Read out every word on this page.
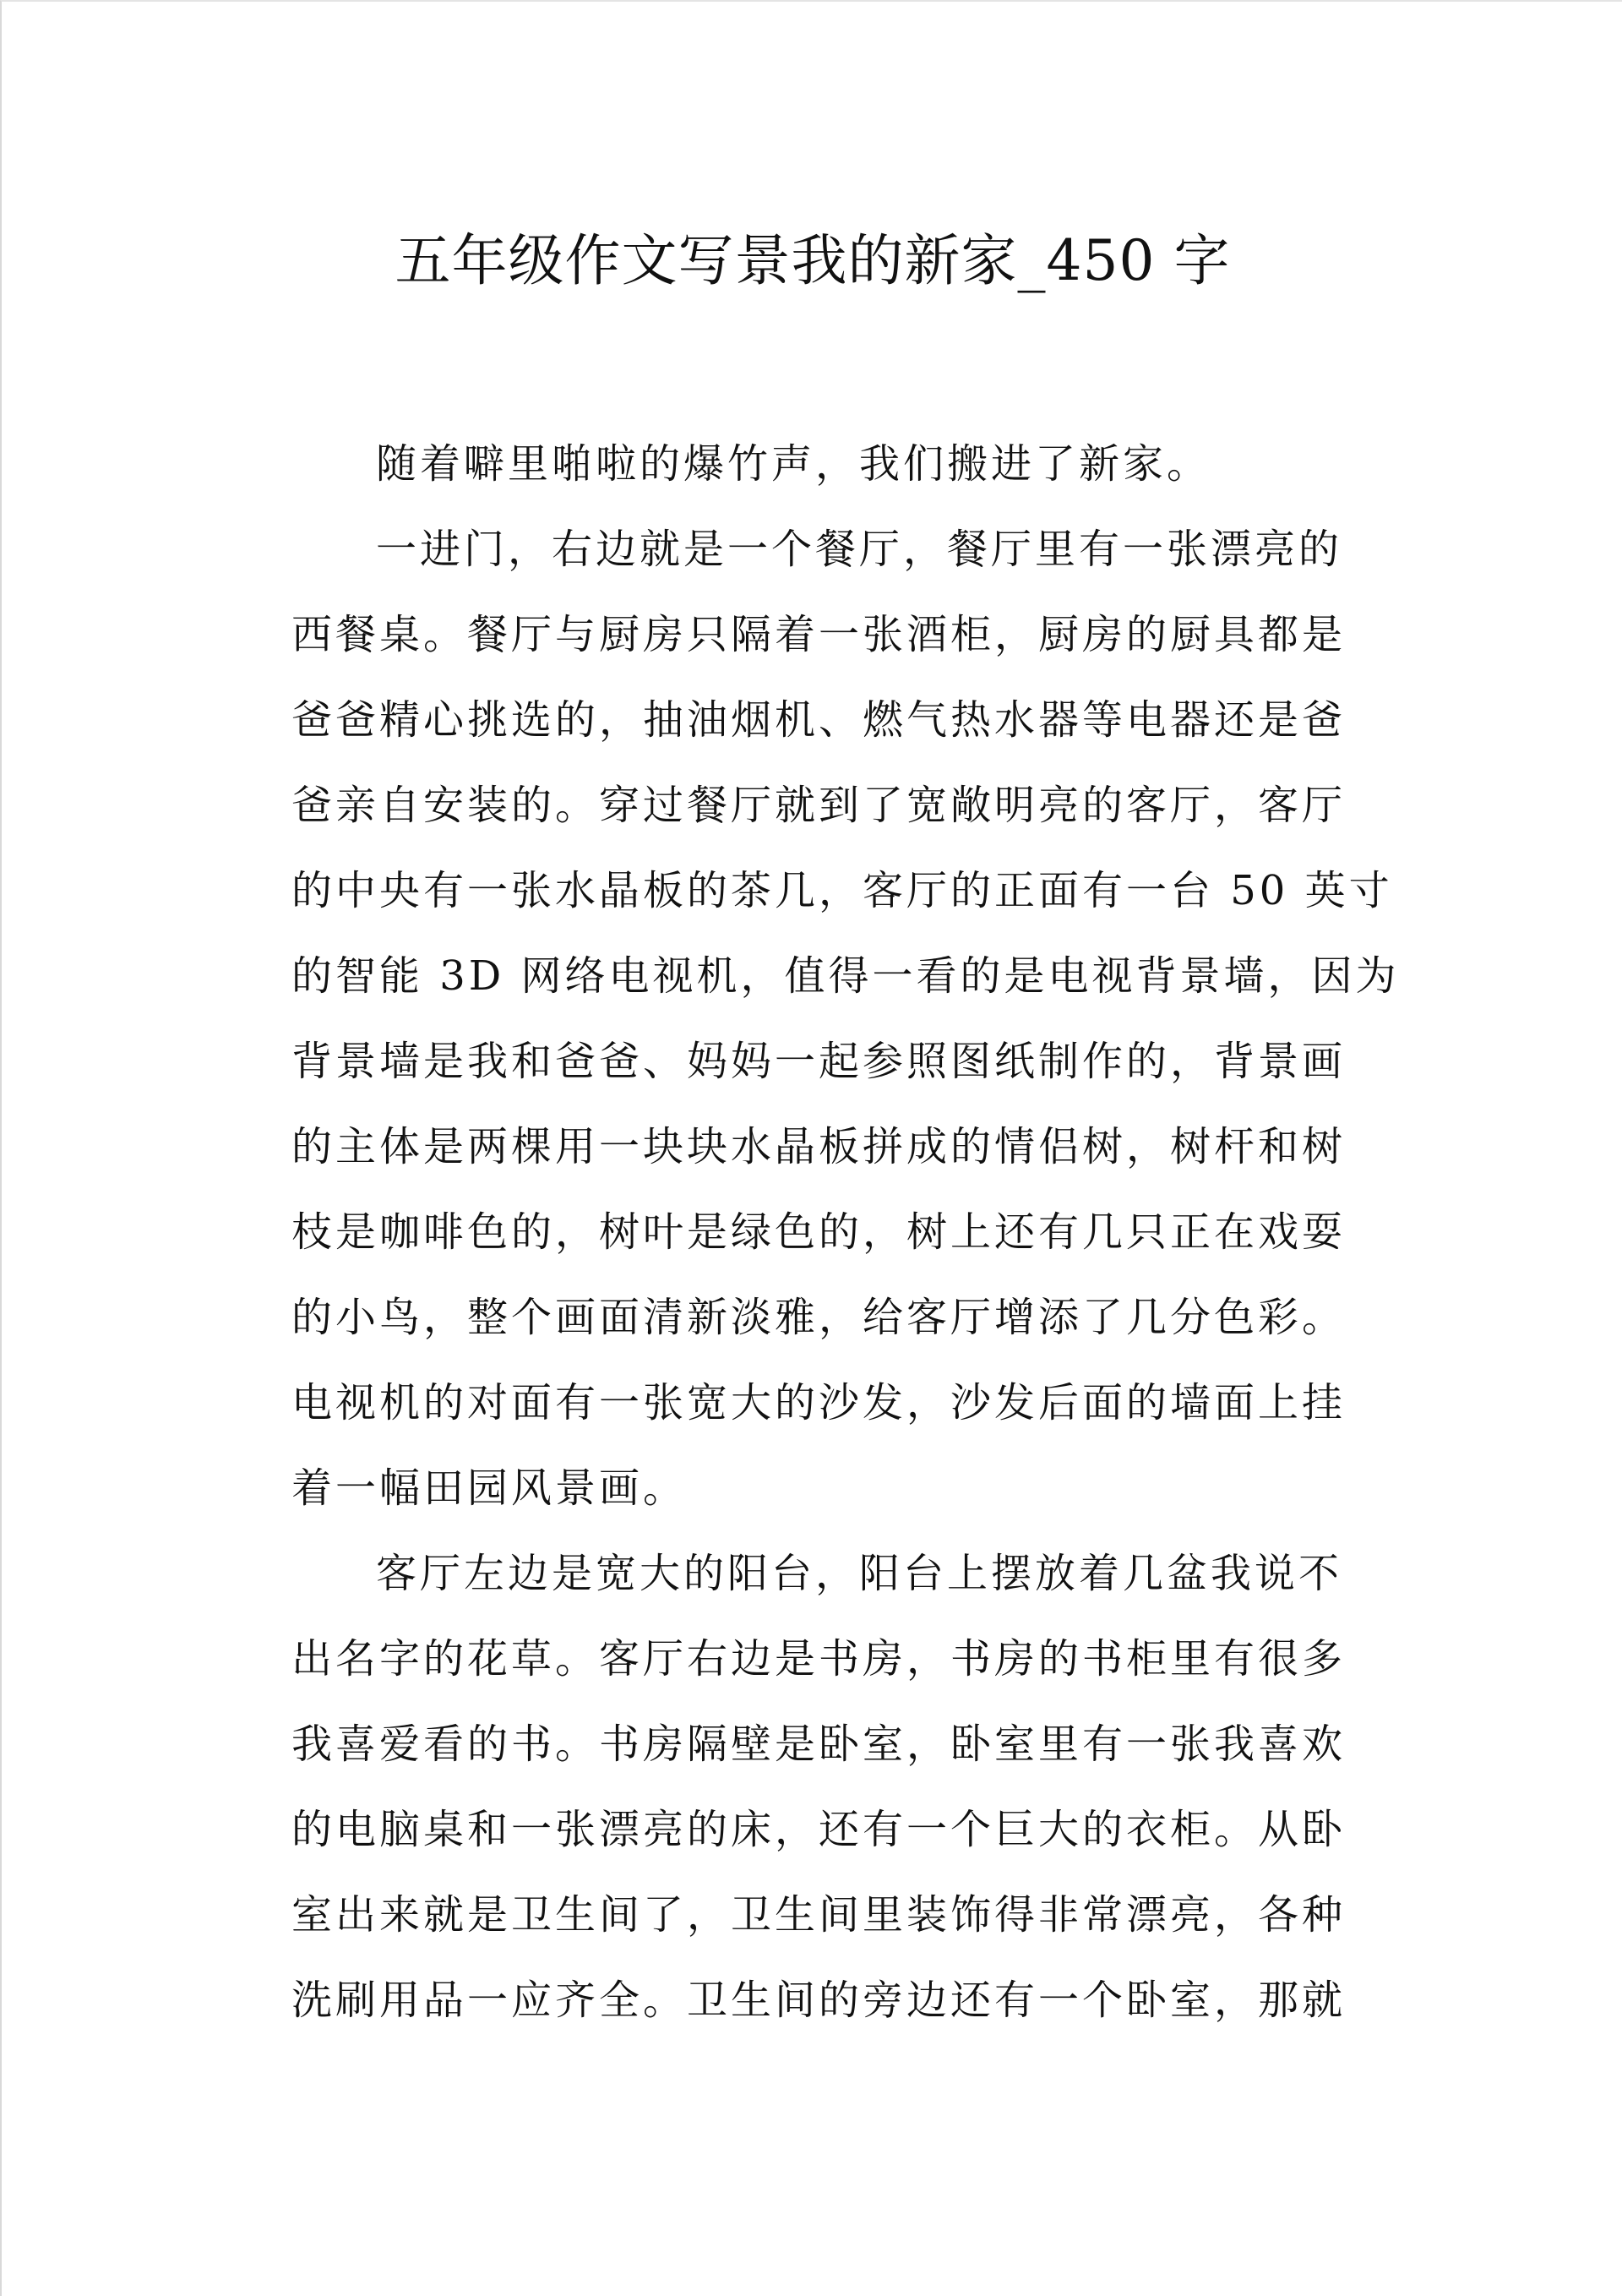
五年级作文写景我的新家_450 字
随着噼里啪啦的爆竹声，我们搬进了新家。
一进门，右边就是一个餐厅，餐厅里有一张漂亮的
西餐桌。餐厅与厨房只隔着一张酒柜，厨房的厨具都是
爸爸精心挑选的，抽油烟机、燃气热水器等电器还是爸
爸亲自安装的。穿过餐厅就到了宽敞明亮的客厅，客厅
的中央有一张水晶板的茶几，客厅的正面有一台 50 英寸
的智能 3D 网络电视机，值得一看的是电视背景墙，因为
背景墙是我和爸爸、妈妈一起参照图纸制作的，背景画
的主体是两棵用一块块水晶板拼成的情侣树，树杆和树
枝是咖啡色的，树叶是绿色的，树上还有几只正在戏耍
的小鸟，整个画面清新淡雅，给客厅增添了几分色彩。
电视机的对面有一张宽大的沙发，沙发后面的墙面上挂
着一幅田园风景画。
客厅左边是宽大的阳台，阳台上摆放着几盆我说不
出名字的花草。客厅右边是书房，书房的书柜里有很多
我喜爱看的书。书房隔壁是卧室，卧室里有一张我喜欢
的电脑桌和一张漂亮的床，还有一个巨大的衣柜。从卧
室出来就是卫生间了，卫生间里装饰得非常漂亮，各种
洗刷用品一应齐全。卫生间的旁边还有一个卧室，那就
